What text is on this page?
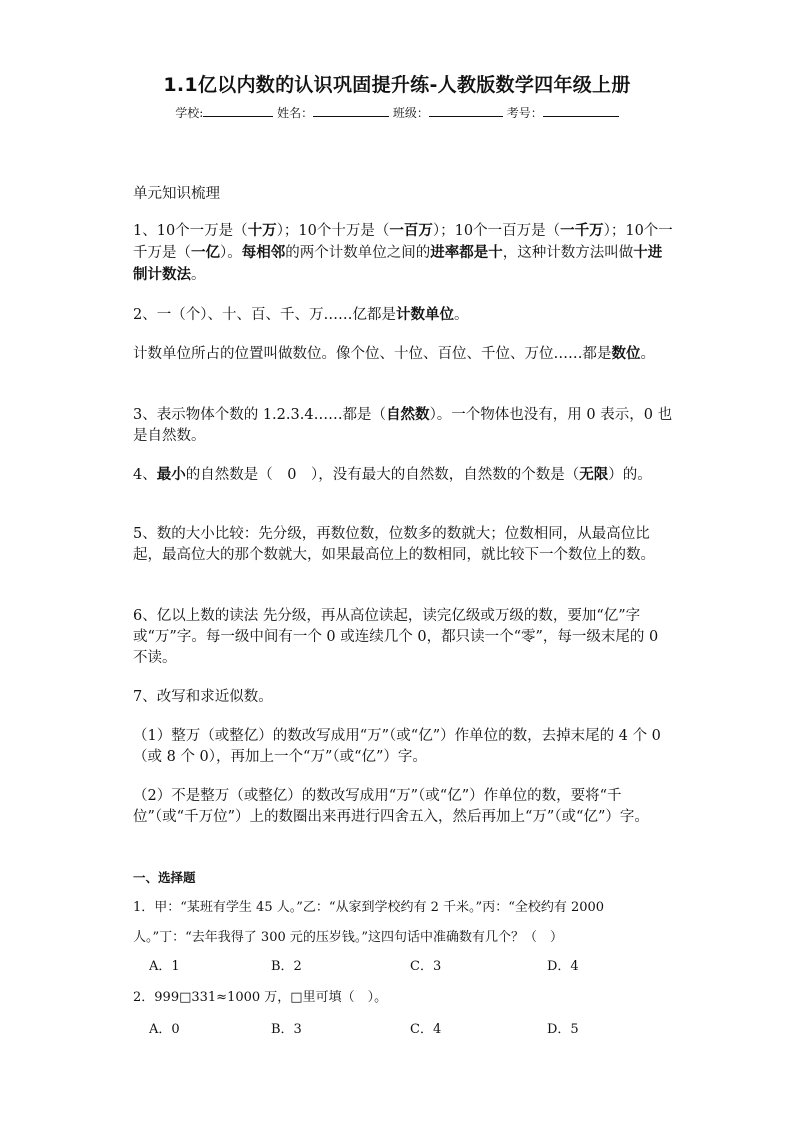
1.1亿以内数的认识巩固提升练-人教版数学四年级上册
学校:	姓名：	班级：	考号：
单元知识梳理
1、10个一万是（十万）；10个十万是（一百万）；10个一百万是（一千万）；10个一千万是（一亿）。每相邻的两个计数单位之间的进率都是十，这种计数方法叫做十进制计数法。
2、一（个）、十、百、千、万……亿都是计数单位。
计数单位所占的位置叫做数位。像个位、十位、百位、千位、万位……都是数位。
3、表示物体个数的 1.2.3.4……都是（自然数）。一个物体也没有，用 0 表示，0 也是自然数。
4、最小的自然数是（　0　），没有最大的自然数，自然数的个数是（无限）的。
5、数的大小比较：先分级，再数位数，位数多的数就大；位数相同，从最高位比起，最高位大的那个数就大，如果最高位上的数相同，就比较下一个数位上的数。
6、亿以上数的读法 先分级，再从高位读起，读完亿级或万级的数，要加“亿”字或“万”字。每一级中间有一个 0 或连续几个 0，都只读一个“零”，每一级末尾的 0 不读。
7、改写和求近似数。
（1）整万（或整亿）的数改写成用“万”（或“亿”）作单位的数，去掉末尾的 4 个 0（或 8 个 0），再加上一个“万”（或“亿”）字。
（2）不是整万（或整亿）的数改写成用“万”（或“亿”）作单位的数，要将“千位”（或“千万位”）上的数圈出来再进行四舍五入，然后再加上“万”（或“亿”）字。
一、选择题
1．甲：“某班有学生 45 人。”乙：“从家到学校约有 2 千米。”丙：“全校约有 2000 人。”丁：“去年我得了 300 元的压岁钱。”这四句话中准确数有几个？（　）
A．1	B．2	C．3	D．4
2．999□331≈1000 万，□里可填（　）。
A．0	B．3	C．4	D．5
